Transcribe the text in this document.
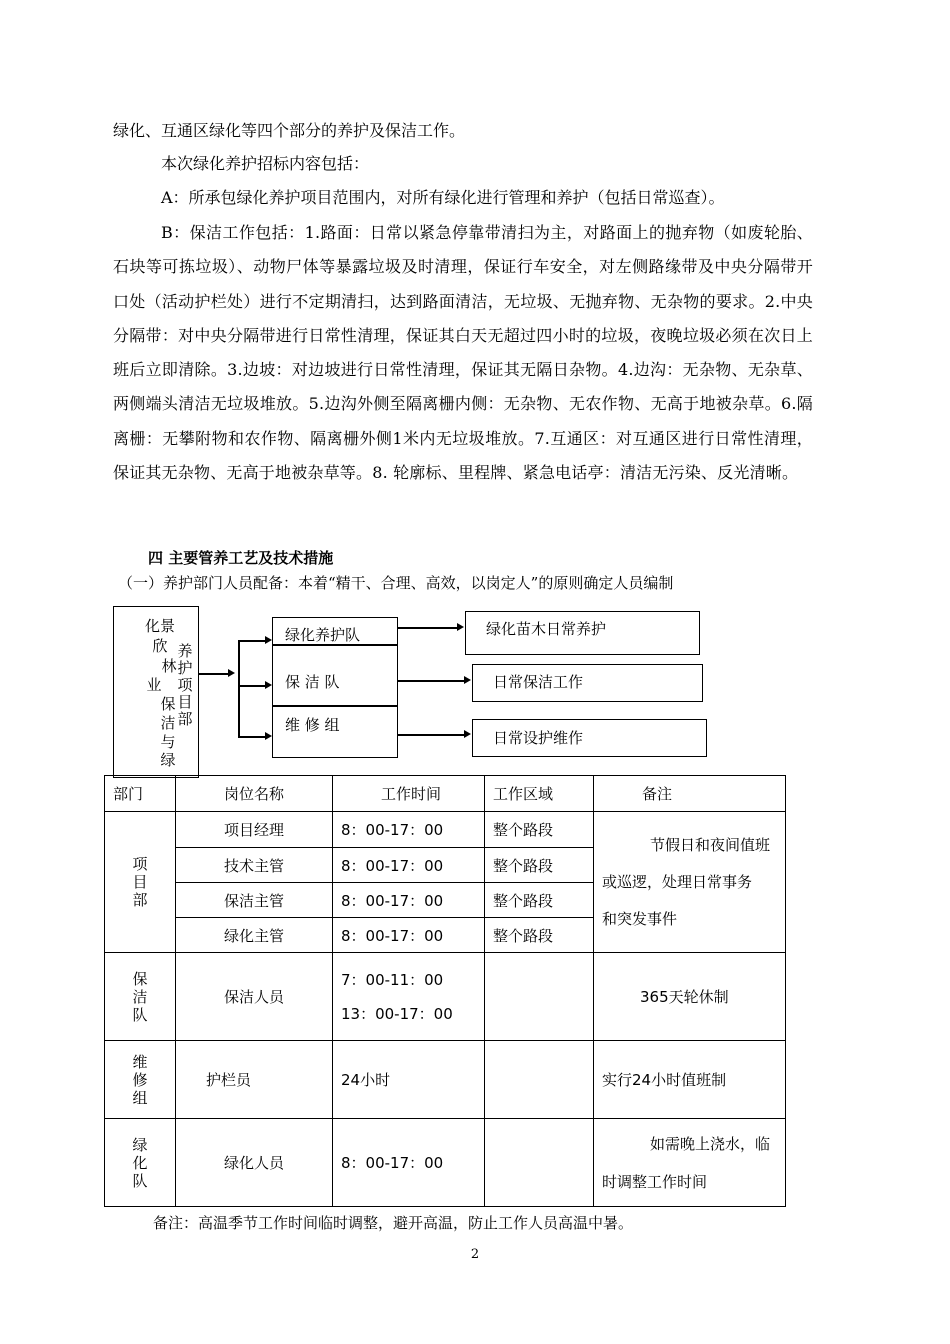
绿化、互通区绿化等四个部分的养护及保洁工作。

本次绿化养护招标内容包括：

A：所承包绿化养护项目范围内，对所有绿化进行管理和养护（包括日常巡查）。

B：保洁工作包括：1.路面：日常以紧急停靠带清扫为主，对路面上的抛弃物（如废轮胎、石块等可拣垃圾）、动物尸体等暴露垃圾及时清理，保证行车安全，对左侧路缘带及中央分隔带开口处（活动护栏处）进行不定期清扫，达到路面清洁，无垃圾、无抛弃物、无杂物的要求。2.中央分隔带：对中央分隔带进行日常性清理，保证其白天无超过四小时的垃圾，夜晚垃圾必须在次日上班后立即清除。3.边坡：对边坡进行日常性清理，保证其无隔日杂物。4.边沟：无杂物、无杂草、两侧端头清洁无垃圾堆放。5.边沟外侧至隔离栅内侧：无杂物、无农作物、无高于地被杂草。6.隔离栅：无攀附物和农作物、隔离栅外侧1米内无垃圾堆放。7.互通区：对互通区进行日常性清理，保证其无杂物、无高于地被杂草等。8. 轮廓标、里程牌、紧急电话亭：清洁无污染、反光清晰。

四 主要管养工艺及技术措施
（一）养护部门人员配备：本着“精干、合理、高效，以岗定人”的原则确定人员编制
化景
欣
林
业
保
洁
与
绿
养
护
项
目
部
绿化养护队
保 洁 队
维 修 组
绿化苗木日常养护
日常保洁工作
日常设护维作
部门	岗位名称	工作时间	工作区域	备注

项目部	项目经理	8：00-17：00	整个路段	节假日和夜间值班
或巡逻，处理日常事务
和突发事件

	技术主管	8：00-17：00	整个路段	
	保洁主管	8：00-17：00	整个路段	
	绿化主管	8：00-17：00	整个路段	

保洁队	保洁人员	7：00-11：00
13：00-17：00		365天轮休制

维修组	护栏员	24小时		实行24小时值班制

绿化队	绿化人员	8：00-17：00		如需晚上浇水，临
时调整工作时间
备注：高温季节工作时间临时调整，避开高温，防止工作人员高温中暑。
2
